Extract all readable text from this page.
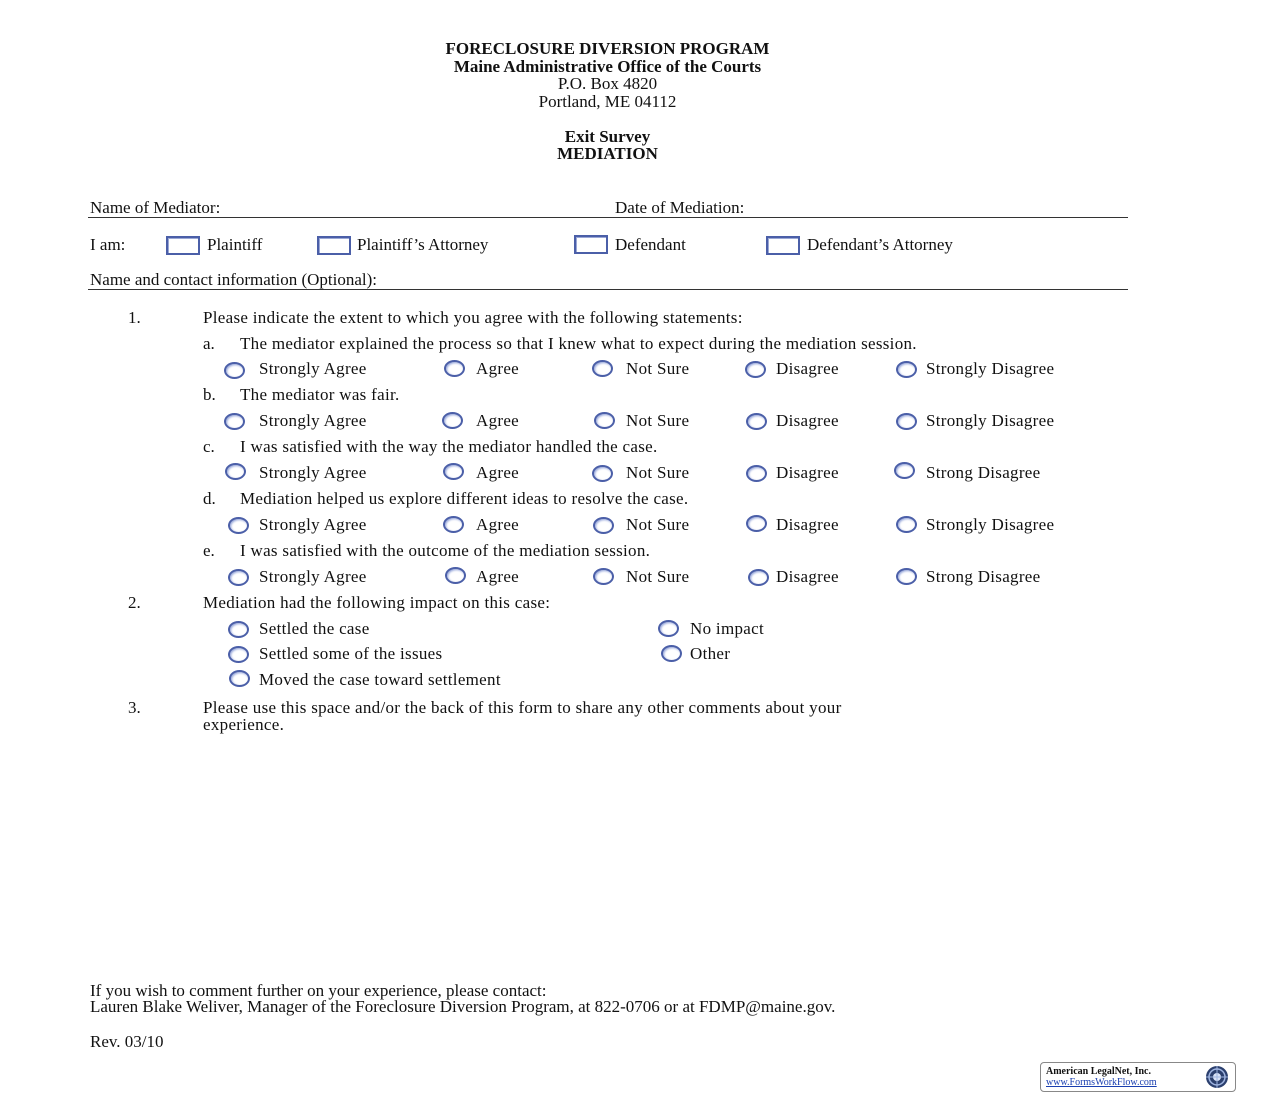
FORECLOSURE DIVERSION PROGRAM
Maine Administrative Office of the Courts
P.O. Box 4820
Portland, ME 04112
Exit Survey
MEDIATION
Name of Mediator:	Date of Mediation:
I am:	Plaintiff	Plaintiff’s Attorney	Defendant	Defendant’s Attorney
Name and contact information (Optional):
1.	Please indicate the extent to which you agree with the following statements:
a. The mediator explained the process so that I knew what to expect during the mediation session.
Strongly Agree	Agree	Not Sure	Disagree	Strongly Disagree
b. The mediator was fair.
Strongly Agree	Agree	Not Sure	Disagree	Strongly Disagree
c. I was satisfied with the way the mediator handled the case.
Strongly Agree	Agree	Not Sure	Disagree	Strong Disagree
d. Mediation helped us explore different ideas to resolve the case.
Strongly Agree	Agree	Not Sure	Disagree	Strongly Disagree
e. I was satisfied with the outcome of the mediation session.
Strongly Agree	Agree	Not Sure	Disagree	Strong Disagree
2.	Mediation had the following impact on this case:
Settled the case	No impact
Settled some of the issues	Other
Moved the case toward settlement
3.	Please use this space and/or the back of this form to share any other comments about your
experience.
If you wish to comment further on your experience, please contact:
Lauren Blake Weliver, Manager of the Foreclosure Diversion Program, at 822-0706 or at FDMP@maine.gov.
Rev. 03/10
American LegalNet, Inc.
www.FormsWorkFlow.com
